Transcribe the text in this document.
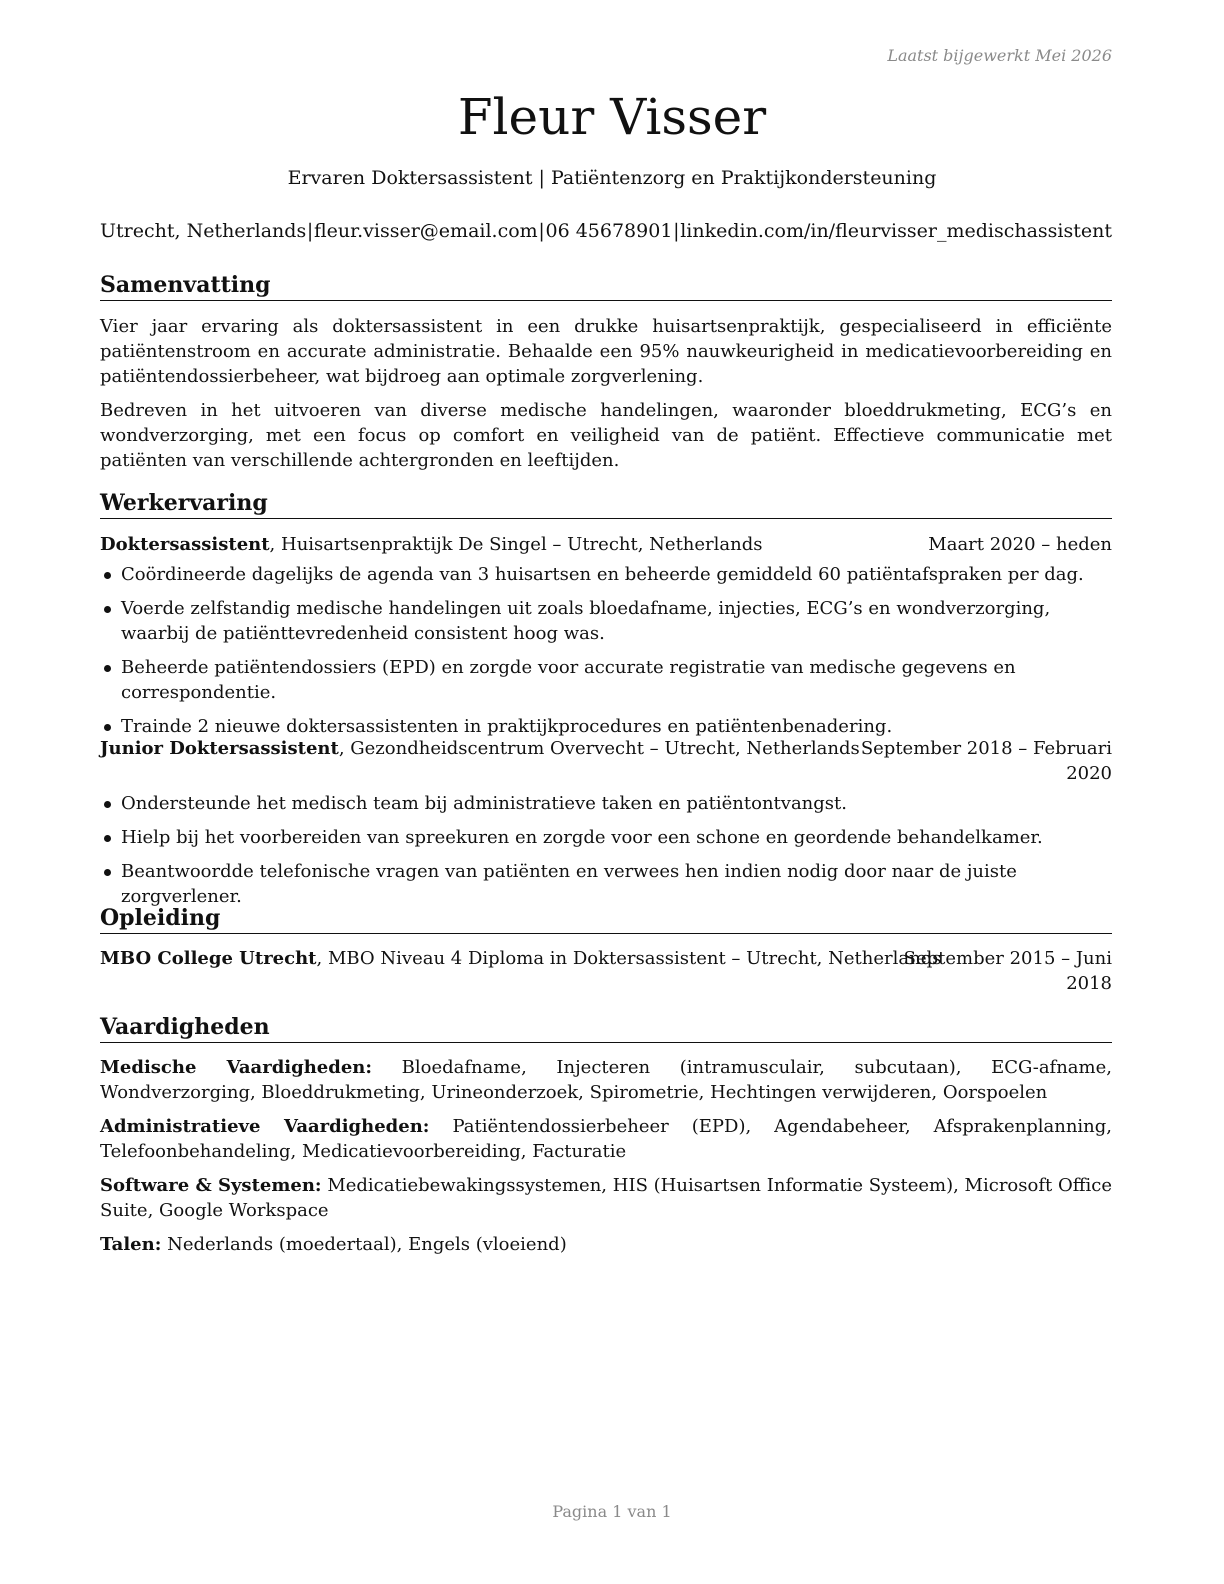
Laatst bijgewerkt Mei 2026
Fleur Visser
Ervaren Doktersassistent | Patiëntenzorg en Praktijkondersteuning
Utrecht, Netherlands | fleur.visser@email.com | 06 45678901 | linkedin.com/in/fleurvisser_medischassistent
Samenvatting
Vier jaar ervaring als doktersassistent in een drukke huisartsenpraktijk, gespecialiseerd in efficiënte patiëntenstroom en accurate administratie. Behaalde een 95% nauwkeurigheid in medicatievoorbereiding en patiëntendossierbeheer, wat bijdroeg aan optimale zorgverlening.
Bedreven in het uitvoeren van diverse medische handelingen, waaronder bloeddrukmeting, ECG’s en wondverzorging, met een focus op comfort en veiligheid van de patiënt. Effectieve communicatie met patiënten van verschillende achtergronden en leeftijden.
Werkervaring
Doktersassistent, Huisartsenpraktijk De Singel – Utrecht, Netherlands	Maart 2020 – heden
Coördineerde dagelijks de agenda van 3 huisartsen en beheerde gemiddeld 60 patiëntafspraken per dag.
Voerde zelfstandig medische handelingen uit zoals bloedafname, injecties, ECG’s en wondverzorging, waarbij de patiënttevredenheid consistent hoog was.
Beheerde patiëntendossiers (EPD) en zorgde voor accurate registratie van medische gegevens en correspondentie.
Trainde 2 nieuwe doktersassistenten in praktijkprocedures en patiëntenbenadering.
Junior Doktersassistent, Gezondheidscentrum Overvecht – Utrecht, Netherlands September 2018 – Februari
2020
Ondersteunde het medisch team bij administratieve taken en patiëntontvangst.
Hielp bij het voorbereiden van spreekuren en zorgde voor een schone en geordende behandelkamer.
Beantwoordde telefonische vragen van patiënten en verwees hen indien nodig door naar de juiste zorgverlener.
Opleiding
MBO College Utrecht, MBO Niveau 4 Diploma in Doktersassistent – Utrecht, Netherlands
September 2015 – Juni
2018
Vaardigheden
Medische Vaardigheden: Bloedafname, Injecteren (intramusculair, subcutaan), ECG-afname, Wondverzorging, Bloeddrukmeting, Urineonderzoek, Spirometrie, Hechtingen verwijderen, Oorspoelen
Administratieve Vaardigheden: Patiëntendossierbeheer (EPD), Agendabeheer, Afsprakenplanning, Telefoonbehandeling, Medicatievoorbereiding, Facturatie
Software & Systemen: Medicatiebewakingssystemen, HIS (Huisartsen Informatie Systeem), Microsoft Office Suite, Google Workspace
Talen: Nederlands (moedertaal), Engels (vloeiend)
Pagina 1 van 1
